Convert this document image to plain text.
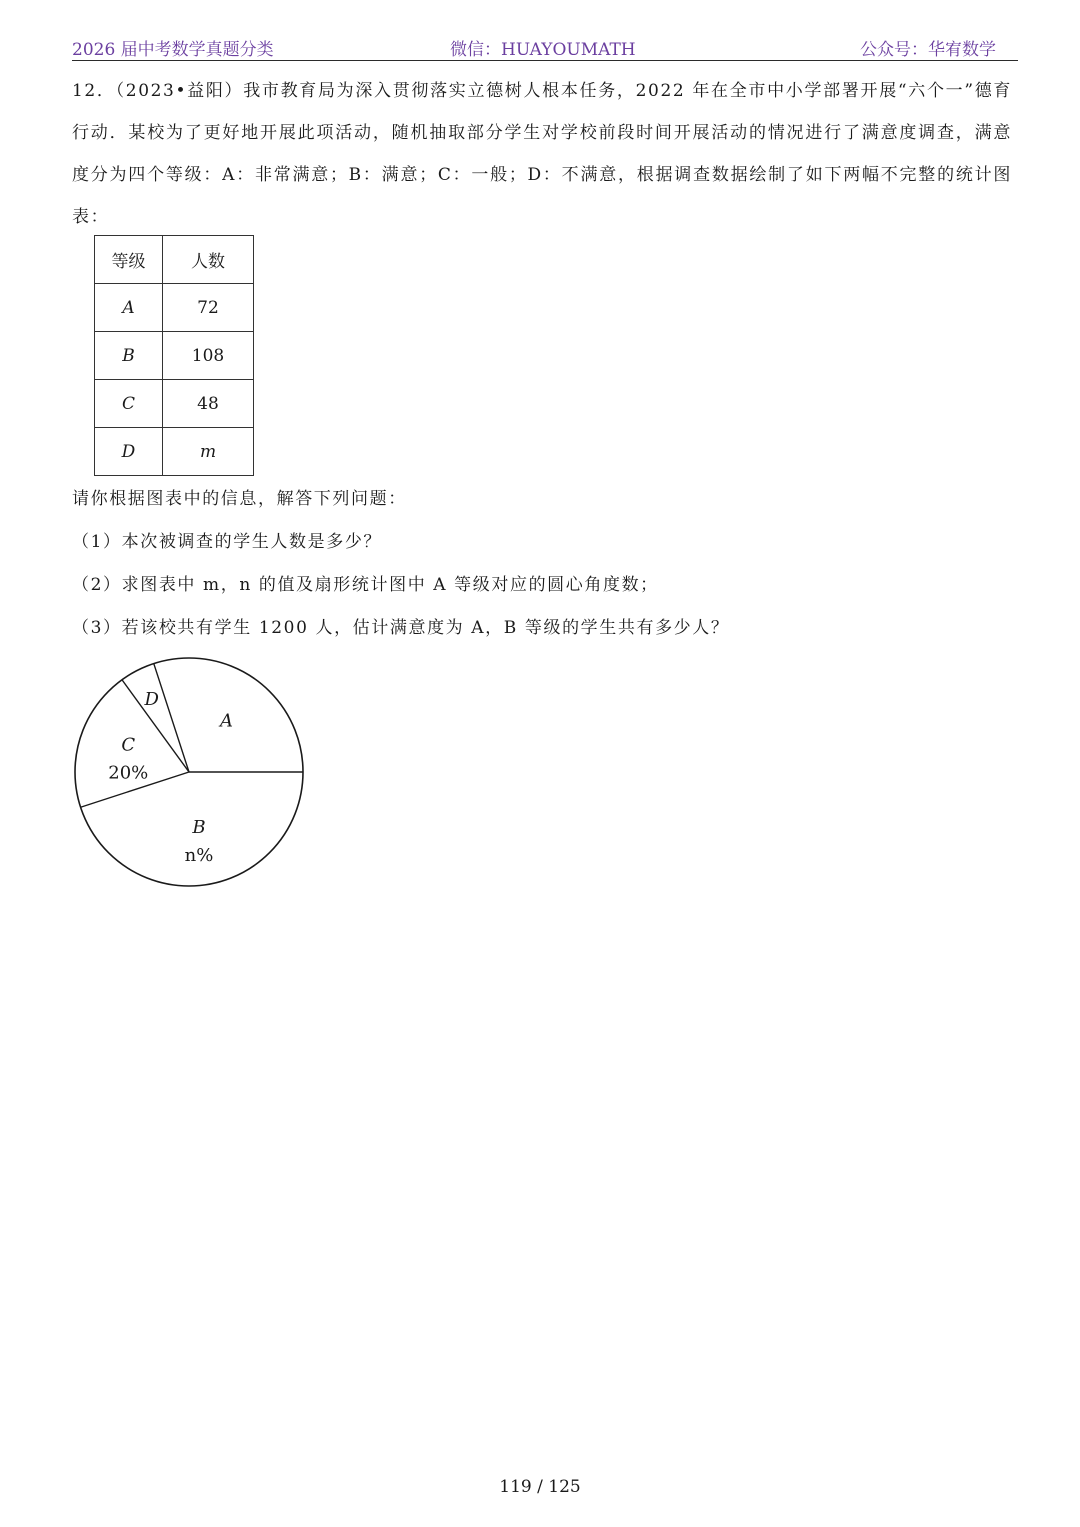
2026 届中考数学真题分类	微信：HUAYOUMATH	公众号：华宥数学

12．（2023•益阳）我市教育局为深入贯彻落实立德树人根本任务，2022 年在全市中小学部署开展“六个一”德育行动．某校为了更好地开展此项活动，随机抽取部分学生对学校前段时间开展活动的情况进行了满意度调查，满意度分为四个等级：A：非常满意；B：满意；C：一般；D：不满意，根据调查数据绘制了如下两幅不完整的统计图表：

等级	人数
A	72
B	108
C	48
D	m

请你根据图表中的信息，解答下列问题：

（1）本次被调查的学生人数是多少？

（2）求图表中 m，n 的值及扇形统计图中 A 等级对应的圆心角度数；

（3）若该校共有学生 1200 人，估计满意度为 A，B 等级的学生共有多少人？

A
D
C
20%
B
n%
119 / 125
